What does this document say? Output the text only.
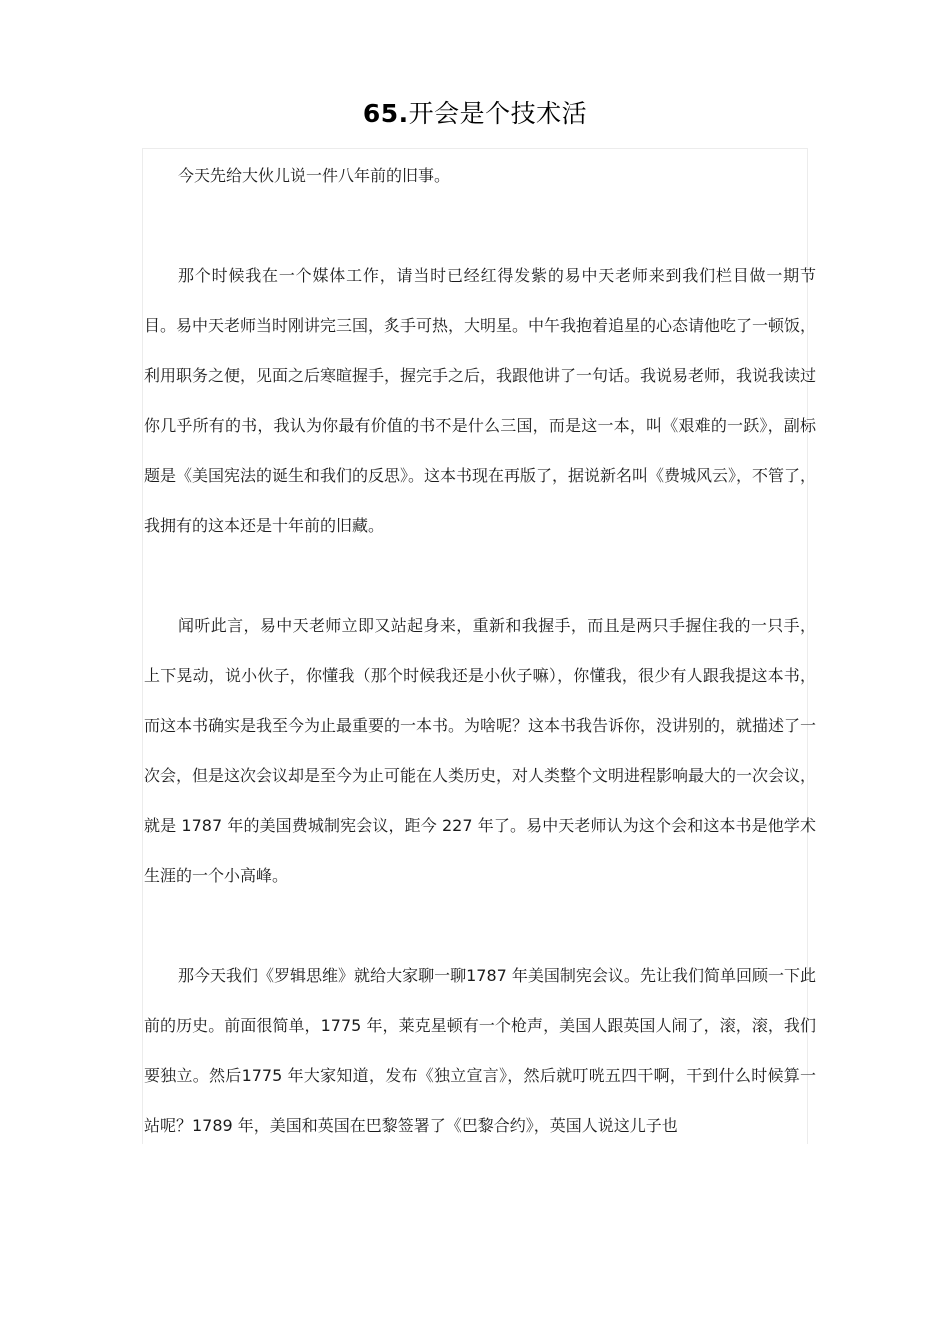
65.开会是个技术活

今天先给大伙儿说一件八年前的旧事。

那个时候我在一个媒体工作，请当时已经红得发紫的易中天老师来到我们栏目做一期节目。易中天老师当时刚讲完三国，炙手可热，大明星。中午我抱着追星的心态请他吃了一顿饭，利用职务之便，见面之后寒暄握手，握完手之后，我跟他讲了一句话。我说易老师，我说我读过你几乎所有的书，我认为你最有价值的书不是什么三国，而是这一本，叫《艰难的一跃》，副标题是《美国宪法的诞生和我们的反思》。这本书现在再版了，据说新名叫《费城风云》，不管了，我拥有的这本还是十年前的旧藏。

闻听此言，易中天老师立即又站起身来，重新和我握手，而且是两只手握住我的一只手，上下晃动，说小伙子，你懂我（那个时候我还是小伙子嘛），你懂我，很少有人跟我提这本书，而这本书确实是我至今为止最重要的一本书。为啥呢？这本书我告诉你，没讲别的，就描述了一次会，但是这次会议却是至今为止可能在人类历史，对人类整个文明进程影响最大的一次会议，就是 1787 年的美国费城制宪会议，距今 227 年了。易中天老师认为这个会和这本书是他学术生涯的一个小高峰。

那今天我们《罗辑思维》就给大家聊一聊1787 年美国制宪会议。先让我们简单回顾一下此前的历史。前面很简单，1775 年，莱克星顿有一个枪声，美国人跟英国人闹了，滚，滚，我们要独立。然后1775 年大家知道，发布《独立宣言》，然后就叮咣五四干啊，干到什么时候算一站呢？1789 年，美国和英国在巴黎签署了《巴黎合约》，英国人说这儿子也
